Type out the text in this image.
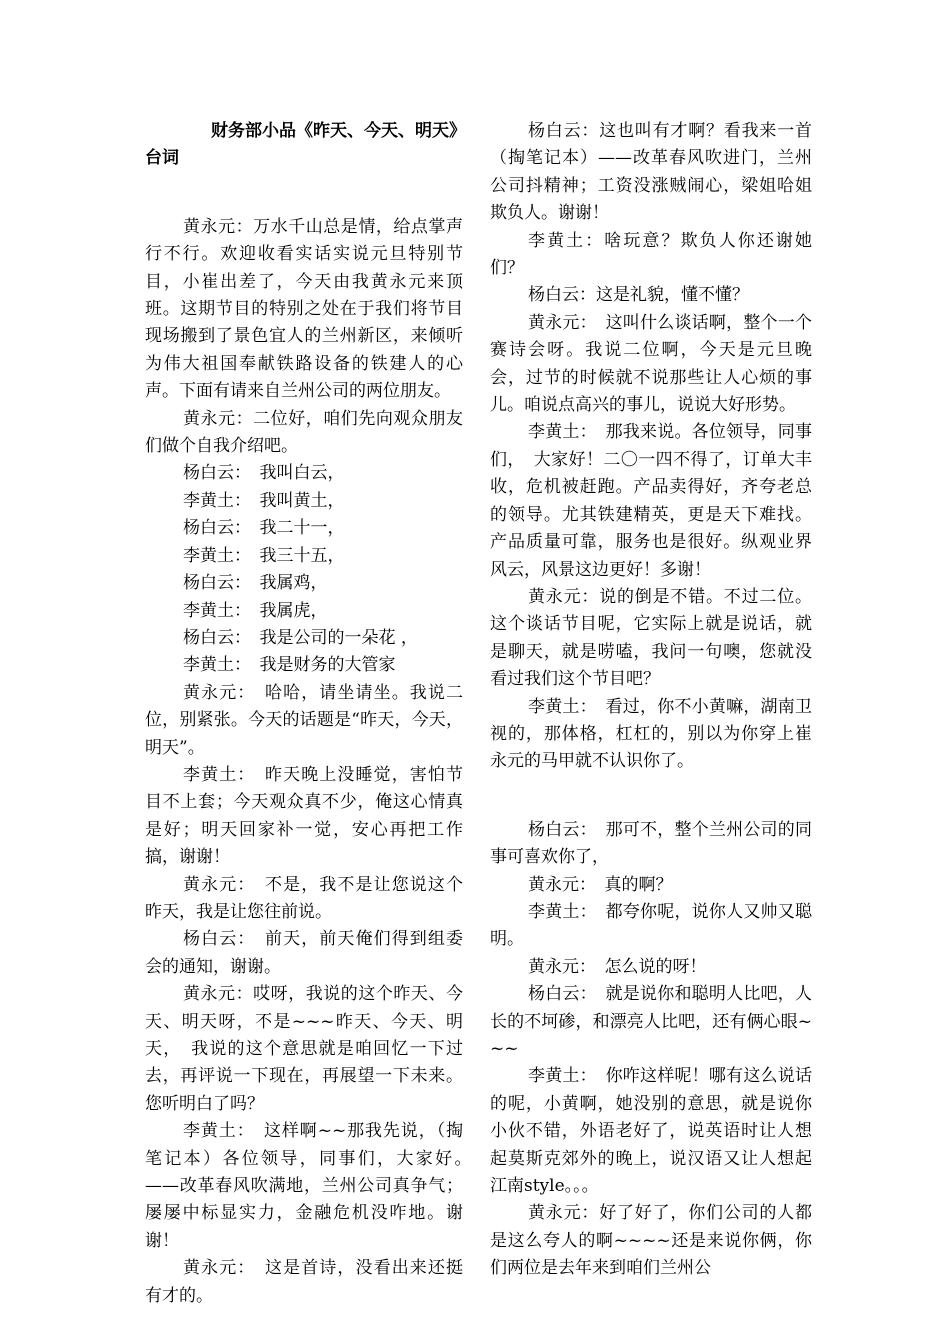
财务部小品《昨天、今天、明天》台词

黄永元：万水千山总是情，给点掌声行不行。欢迎收看实话实说元旦特别节目，小崔出差了，今天由我黄永元来顶班。这期节目的特别之处在于我们将节目现场搬到了景色宜人的兰州新区，来倾听为伟大祖国奉献铁路设备的铁建人的心声。下面有请来自兰州公司的两位朋友。

黄永元：二位好，咱们先向观众朋友们做个自我介绍吧。

杨白云：　我叫白云，

李黄土：　我叫黄土，

杨白云：　我二十一，

李黄土：　我三十五，

杨白云：　我属鸡，

李黄土：　我属虎，

杨白云：　我是公司的一朵花 ，

李黄土：　我是财务的大管家

黄永元：　哈哈，请坐请坐。我说二位，别紧张。今天的话题是“昨天，今天，明天”。

李黄土：　昨天晚上没睡觉，害怕节目不上套；今天观众真不少，俺这心情真是好；明天回家补一觉，安心再把工作搞，谢谢！

黄永元：　不是，我不是让您说这个昨天，我是让您往前说。

杨白云：　前天，前天俺们得到组委会的通知，谢谢。

黄永元：哎呀，我说的这个昨天、今天、明天呀，不是~~~昨天、今天、明天，　我说的这个意思就是咱回忆一下过去，再评说一下现在，再展望一下未来。您听明白了吗？

李黄土：　这样啊~~那我先说，（掏笔记本）各位领导，同事们，大家好。　——改革春风吹满地，兰州公司真争气；屡屡中标显实力，金融危机没咋地。谢谢！

黄永元：　这是首诗，没看出来还挺有才的。

杨白云：这也叫有才啊？看我来一首（掏笔记本）——改革春风吹进门，兰州公司抖精神；工资没涨贼闹心，梁姐哈姐欺负人。谢谢！

李黄土：啥玩意？欺负人你还谢她们？

杨白云：这是礼貌，懂不懂？

黄永元：　这叫什么谈话啊，整个一个赛诗会呀。我说二位啊，今天是元旦晚会，过节的时候就不说那些让人心烦的事儿。咱说点高兴的事儿，说说大好形势。

李黄土：　那我来说。各位领导，同事们，　大家好！二〇一四不得了，订单大丰收，危机被赶跑。产品卖得好，齐夸老总的领导。尤其铁建精英，更是天下难找。产品质量可靠，服务也是很好。纵观业界风云，风景这边更好！多谢！

黄永元：说的倒是不错。不过二位。这个谈话节目呢，它实际上就是说话，就是聊天，就是唠嗑，我问一句噢，您就没看过我们这个节目吧？

李黄土：　看过，你不小黄嘛，湖南卫视的，那体格，杠杠的，别以为你穿上崔永元的马甲就不认识你了。

杨白云：　那可不，整个兰州公司的同事可喜欢你了，

黄永元：　真的啊？

李黄土：　都夸你呢，说你人又帅又聪明。

黄永元：　怎么说的呀！

杨白云：　就是说你和聪明人比吧，人长的不坷碜，和漂亮人比吧，还有俩心眼~~~

李黄土：　你咋这样呢！哪有这么说话的呢，小黄啊，她没别的意思，就是说你小伙不错，外语老好了，说英语时让人想起莫斯克郊外的晚上，说汉语又让人想起江南style。。。

黄永元：好了好了，你们公司的人都是这么夸人的啊~~~~还是来说你俩，你们两位是去年来到咱们兰州公
